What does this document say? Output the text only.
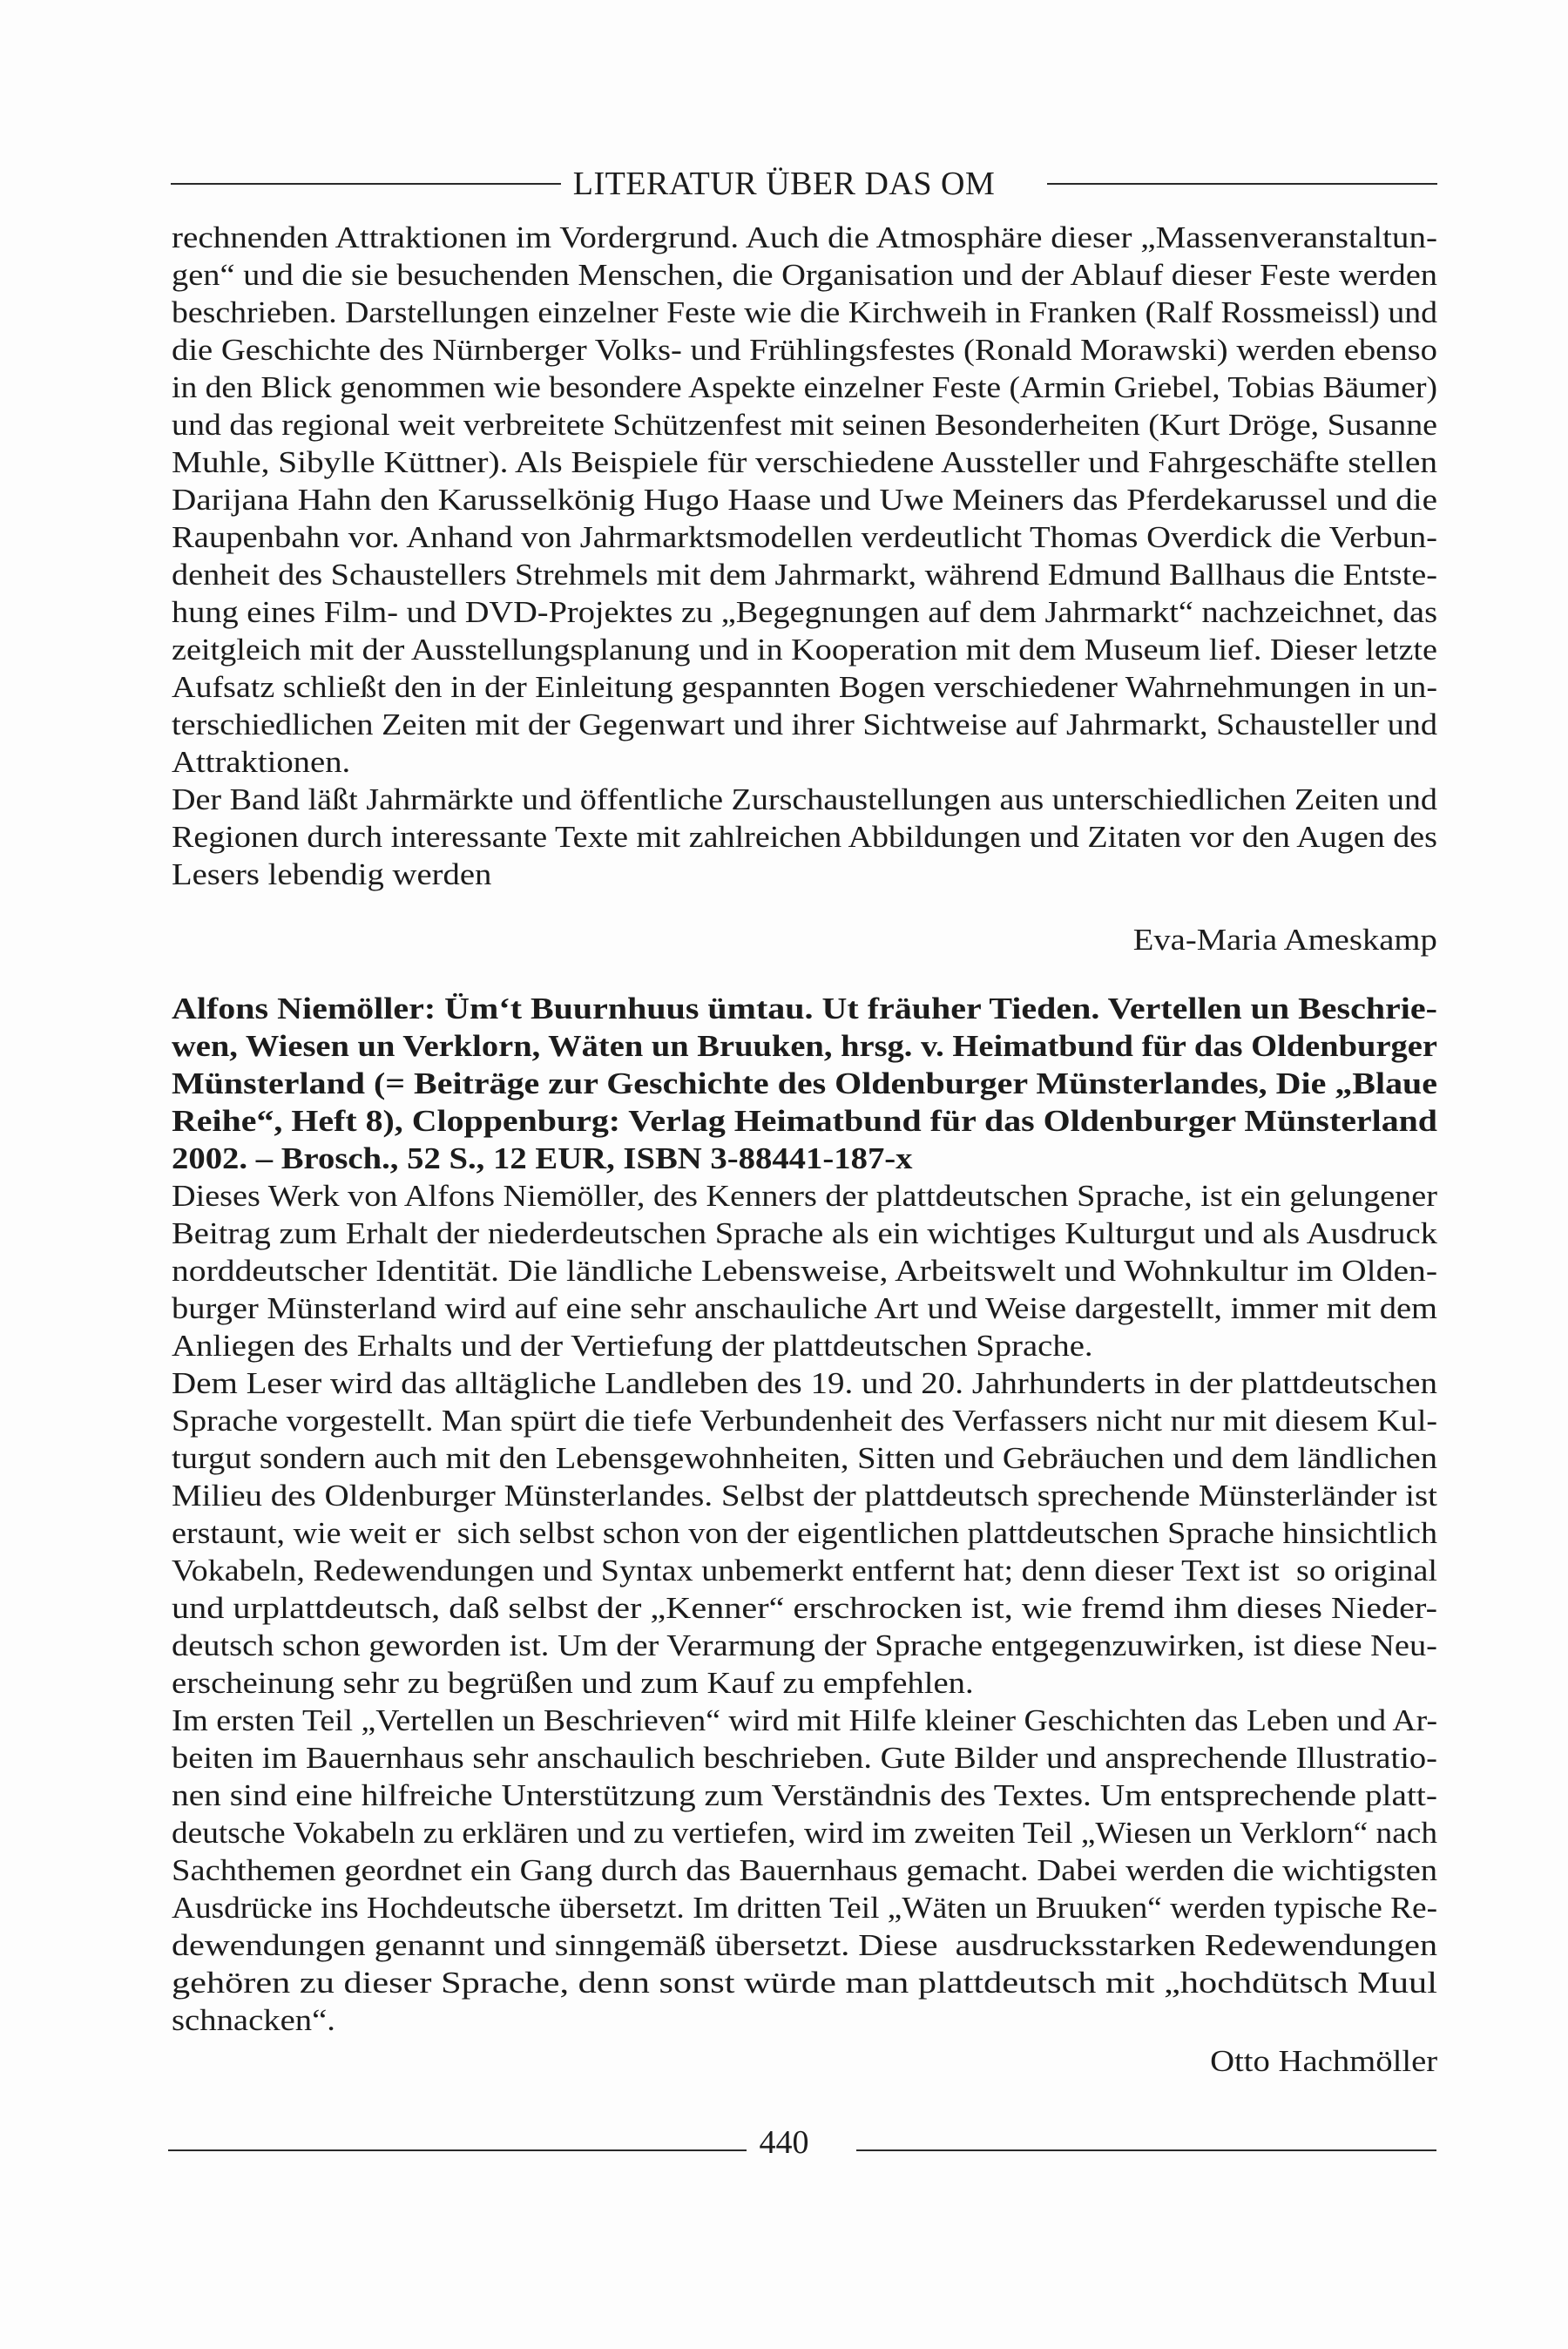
LITERATUR ÜBER DAS OM
rechnenden Attraktionen im Vordergrund. Auch die Atmosphäre dieser „Massenveranstaltun-
gen“ und die sie besuchenden Menschen, die Organisation und der Ablauf dieser Feste werden
beschrieben. Darstellungen einzelner Feste wie die Kirchweih in Franken (Ralf Rossmeissl) und
die Geschichte des Nürnberger Volks- und Frühlingsfestes (Ronald Morawski) werden ebenso
in den Blick genommen wie besondere Aspekte einzelner Feste (Armin Griebel, Tobias Bäumer)
und das regional weit verbreitete Schützenfest mit seinen Besonderheiten (Kurt Dröge, Susanne
Muhle, Sibylle Küttner). Als Beispiele für verschiedene Aussteller und Fahrgeschäfte stellen
Darijana Hahn den Karusselkönig Hugo Haase und Uwe Meiners das Pferdekarussel und die
Raupenbahn vor. Anhand von Jahrmarktsmodellen verdeutlicht Thomas Overdick die Verbun-
denheit des Schaustellers Strehmels mit dem Jahrmarkt, während Edmund Ballhaus die Entste-
hung eines Film- und DVD-Projektes zu „Begegnungen auf dem Jahrmarkt“ nachzeichnet, das
zeitgleich mit der Ausstellungsplanung und in Kooperation mit dem Museum lief. Dieser letzte
Aufsatz schließt den in der Einleitung gespannten Bogen verschiedener Wahrnehmungen in un-
terschiedlichen Zeiten mit der Gegenwart und ihrer Sichtweise auf Jahrmarkt, Schausteller und
Attraktionen.
Der Band läßt Jahrmärkte und öffentliche Zurschaustellungen aus unterschiedlichen Zeiten und
Regionen durch interessante Texte mit zahlreichen Abbildungen und Zitaten vor den Augen des
Lesers lebendig werden
Eva-Maria Ameskamp
Alfons Niemöller: Üm‘t Buurnhuus ümtau. Ut fräuher Tieden. Vertellen un Beschrie-
wen, Wiesen un Verklorn, Wäten un Bruuken, hrsg. v. Heimatbund für das Oldenburger
Münsterland (= Beiträge zur Geschichte des Oldenburger Münsterlandes, Die „Blaue
Reihe“, Heft 8), Cloppenburg: Verlag Heimatbund für das Oldenburger Münsterland
2002. – Brosch., 52 S., 12 EUR, ISBN 3-88441-187-x
Dieses Werk von Alfons Niemöller, des Kenners der plattdeutschen Sprache, ist ein gelungener
Beitrag zum Erhalt der niederdeutschen Sprache als ein wichtiges Kulturgut und als Ausdruck
norddeutscher Identität. Die ländliche Lebensweise, Arbeitswelt und Wohnkultur im Olden-
burger Münsterland wird auf eine sehr anschauliche Art und Weise dargestellt, immer mit dem
Anliegen des Erhalts und der Vertiefung der plattdeutschen Sprache.
Dem Leser wird das alltägliche Landleben des 19. und 20. Jahrhunderts in der plattdeutschen
Sprache vorgestellt. Man spürt die tiefe Verbundenheit des Verfassers nicht nur mit diesem Kul-
turgut sondern auch mit den Lebensgewohnheiten, Sitten und Gebräuchen und dem ländlichen
Milieu des Oldenburger Münsterlandes. Selbst der plattdeutsch sprechende Münsterländer ist
erstaunt, wie weit er  sich selbst schon von der eigentlichen plattdeutschen Sprache hinsichtlich
Vokabeln, Redewendungen und Syntax unbemerkt entfernt hat; denn dieser Text ist  so original
und urplattdeutsch, daß selbst der „Kenner“ erschrocken ist, wie fremd ihm dieses Nieder-
deutsch schon geworden ist. Um der Verarmung der Sprache entgegenzuwirken, ist diese Neu-
erscheinung sehr zu begrüßen und zum Kauf zu empfehlen.
Im ersten Teil „Vertellen un Beschrieven“ wird mit Hilfe kleiner Geschichten das Leben und Ar-
beiten im Bauernhaus sehr anschaulich beschrieben. Gute Bilder und ansprechende Illustratio-
nen sind eine hilfreiche Unterstützung zum Verständnis des Textes. Um entsprechende platt-
deutsche Vokabeln zu erklären und zu vertiefen, wird im zweiten Teil „Wiesen un Verklorn“ nach
Sachthemen geordnet ein Gang durch das Bauernhaus gemacht. Dabei werden die wichtigsten
Ausdrücke ins Hochdeutsche übersetzt. Im dritten Teil „Wäten un Bruuken“ werden typische Re-
dewendungen genannt und sinngemäß übersetzt. Diese  ausdrucksstarken Redewendungen
gehören zu dieser Sprache, denn sonst würde man plattdeutsch mit „hochdütsch Muul
schnacken“.
Otto Hachmöller
440
